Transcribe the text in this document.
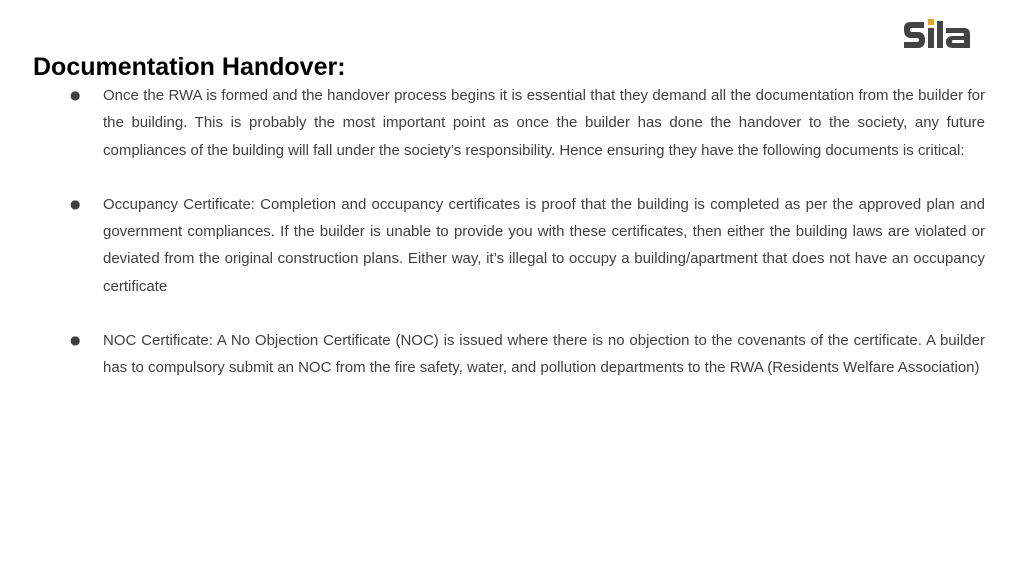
Documentation Handover:
● Once the RWA is formed and the handover process begins it is essential that they demand all the documentation from the builder for the building. This is probably the most important point as once the builder has done the handover to the society, any future compliances of the building will fall under the society’s responsibility. Hence ensuring they have the following documents is critical:
● Occupancy Certificate: Completion and occupancy certificates is proof that the building is completed as per the approved plan and government compliances. If the builder is unable to provide you with these certificates, then either the building laws are violated or deviated from the original construction plans. Either way, it’s illegal to occupy a building/apartment that does not have an occupancy certificate
● NOC Certificate: A No Objection Certificate (NOC) is issued where there is no objection to the covenants of the certificate. A builder has to compulsory submit an NOC from the fire safety, water, and pollution departments to the RWA (Residents Welfare Association)
